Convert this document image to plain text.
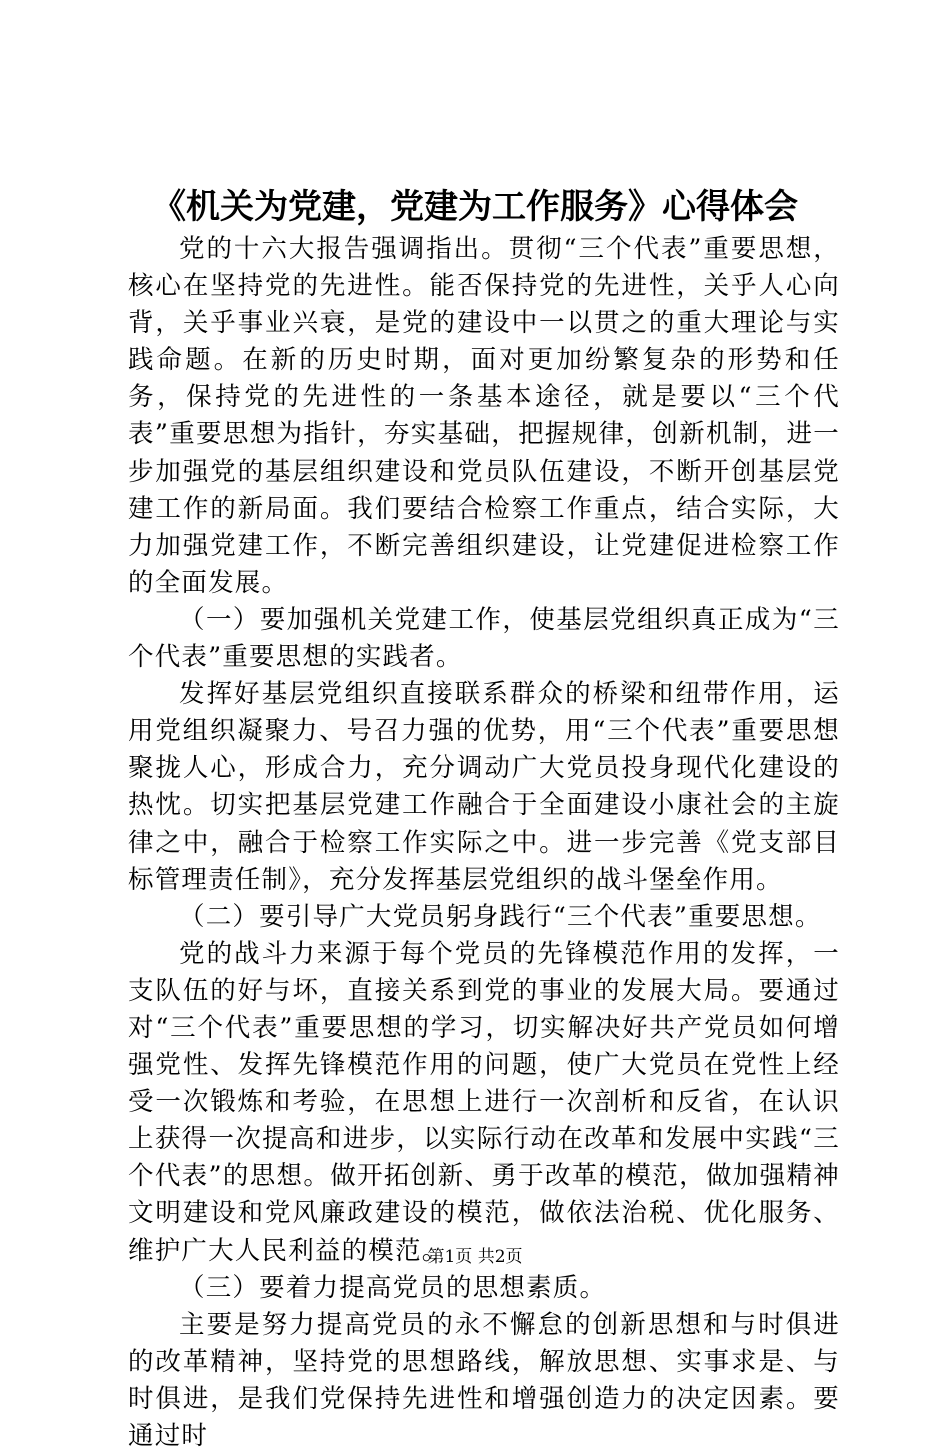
《机关为党建，党建为工作服务》心得体会

党的十六大报告强调指出。贯彻“三个代表”重要思想，核心在坚持党的先进性。能否保持党的先进性，关乎人心向背，关乎事业兴衰，是党的建设中一以贯之的重大理论与实践命题。在新的历史时期，面对更加纷繁复杂的形势和任务，保持党的先进性的一条基本途径，就是要以“三个代表”重要思想为指针，夯实基础，把握规律，创新机制，进一步加强党的基层组织建设和党员队伍建设，不断开创基层党建工作的新局面。我们要结合检察工作重点，结合实际，大力加强党建工作，不断完善组织建设，让党建促进检察工作的全面发展。

（一）要加强机关党建工作，使基层党组织真正成为“三个代表”重要思想的实践者。

发挥好基层党组织直接联系群众的桥梁和纽带作用，运用党组织凝聚力、号召力强的优势，用“三个代表”重要思想聚拢人心，形成合力，充分调动广大党员投身现代化建设的热忱。切实把基层党建工作融合于全面建设小康社会的主旋律之中，融合于检察工作实际之中。进一步完善《党支部目标管理责任制》，充分发挥基层党组织的战斗堡垒作用。

（二）要引导广大党员躬身践行“三个代表”重要思想。

党的战斗力来源于每个党员的先锋模范作用的发挥，一支队伍的好与坏，直接关系到党的事业的发展大局。要通过对“三个代表”重要思想的学习，切实解决好共产党员如何增强党性、发挥先锋模范作用的问题，使广大党员在党性上经受一次锻炼和考验，在思想上进行一次剖析和反省，在认识上获得一次提高和进步，以实际行动在改革和发展中实践“三个代表”的思想。做开拓创新、勇于改革的模范，做加强精神文明建设和党风廉政建设的模范，做依法治税、优化服务、维护广大人民利益的模范。

（三）要着力提高党员的思想素质。

主要是努力提高党员的永不懈怠的创新思想和与时俱进的改革精神，坚持党的思想路线，解放思想、实事求是、与时俱进，是我们党保持先进性和增强创造力的决定因素。要通过时

第1页 共2页
